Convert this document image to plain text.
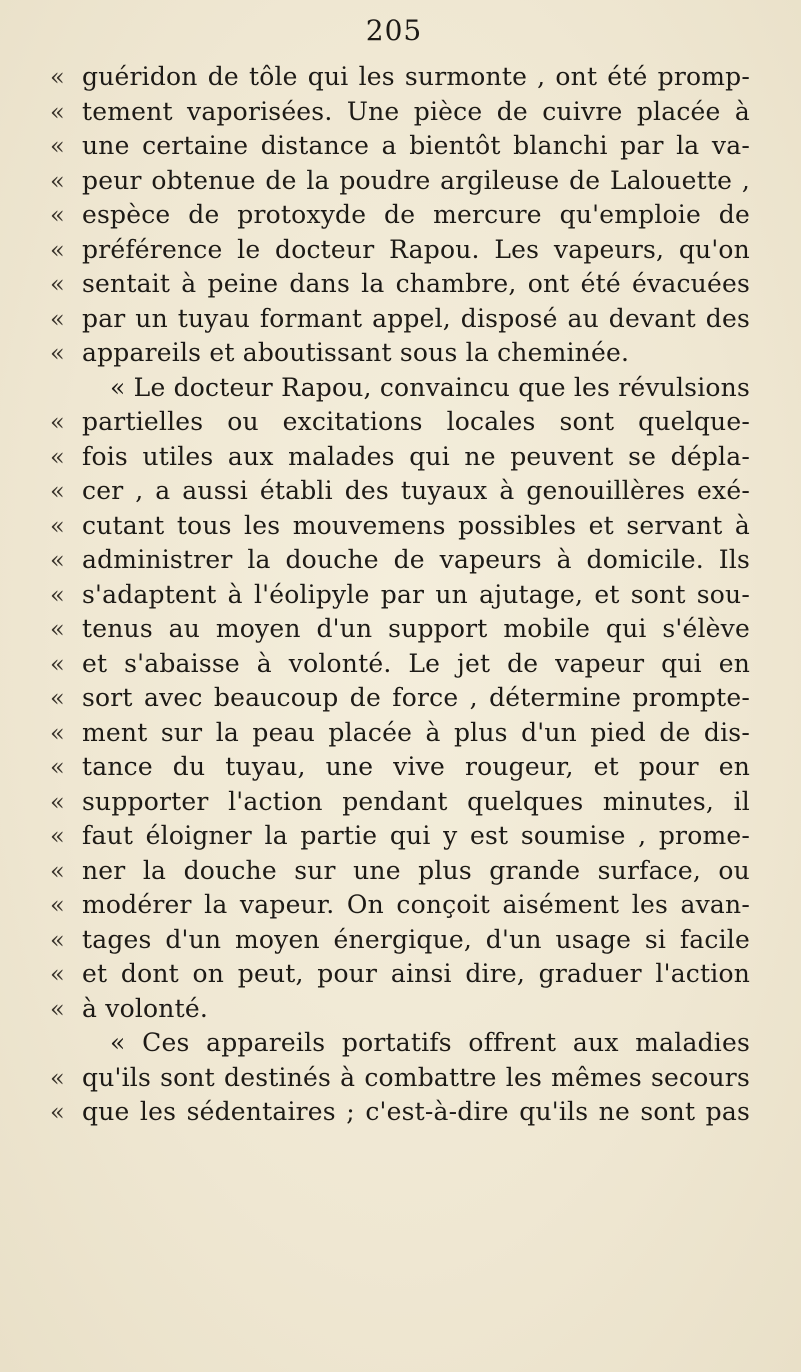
205
« guéridon de tôle qui les surmonte , ont été promp-
« tement vaporisées. Une pièce de cuivre placée à
« une certaine distance a bientôt blanchi par la va-
« peur obtenue de la poudre argileuse de Lalouette ,
« espèce de protoxyde de mercure qu'emploie de
« préférence le docteur Rapou. Les vapeurs, qu'on
« sentait à peine dans la chambre, ont été évacuées
« par un tuyau formant appel, disposé au devant des
« appareils et aboutissant sous la cheminée.
« Le docteur Rapou, convaincu que les révulsions
« partielles ou excitations locales sont quelque-
« fois utiles aux malades qui ne peuvent se dépla-
« cer , a aussi établi des tuyaux à genouillères exé-
« cutant tous les mouvemens possibles et servant à
« administrer la douche de vapeurs à domicile. Ils
« s'adaptent à l'éolipyle par un ajutage, et sont sou-
« tenus au moyen d'un support mobile qui s'élève
« et s'abaisse à volonté. Le jet de vapeur qui en
« sort avec beaucoup de force , détermine prompte-
« ment sur la peau placée à plus d'un pied de dis-
« tance du tuyau, une vive rougeur, et pour en
« supporter l'action pendant quelques minutes, il
« faut éloigner la partie qui y est soumise , prome-
« ner la douche sur une plus grande surface, ou
« modérer la vapeur. On conçoit aisément les avan-
« tages d'un moyen énergique, d'un usage si facile
« et dont on peut, pour ainsi dire, graduer l'action
« à volonté.
« Ces appareils portatifs offrent aux maladies
« qu'ils sont destinés à combattre les mêmes secours
« que les sédentaires ; c'est-à-dire qu'ils ne sont pas
